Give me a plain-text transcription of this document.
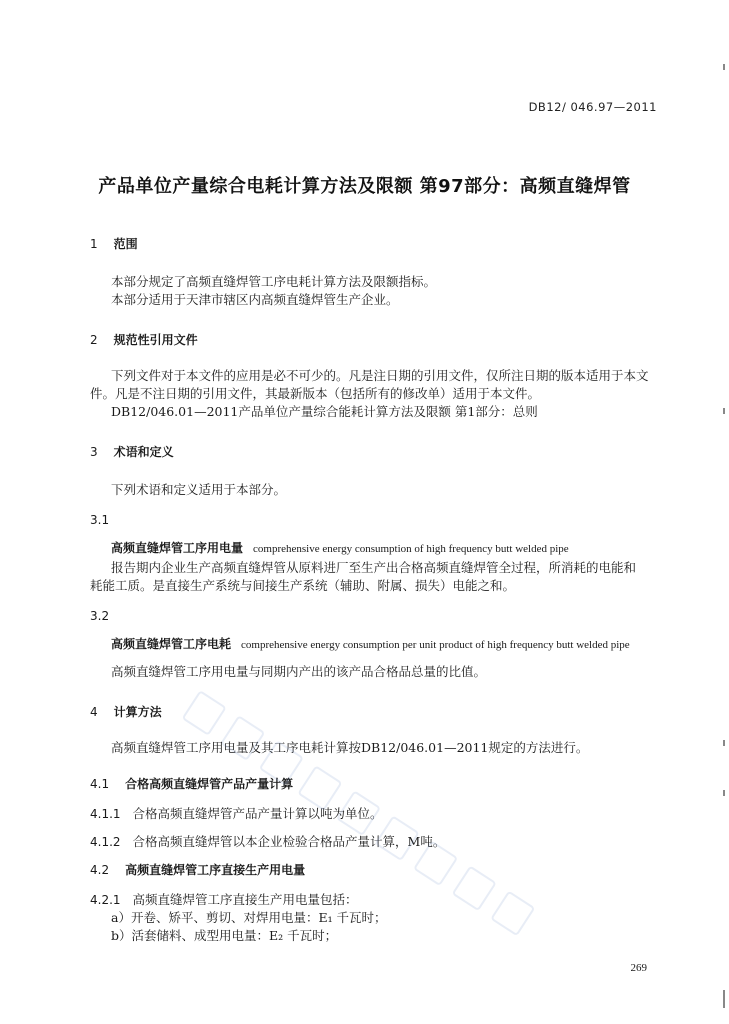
DB12/ 046.97—2011
产品单位产量综合电耗计算方法及限额 第97部分：高频直缝焊管
1 范围
本部分规定了高频直缝焊管工序电耗计算方法及限额指标。
本部分适用于天津市辖区内高频直缝焊管生产企业。
2 规范性引用文件
下列文件对于本文件的应用是必不可少的。凡是注日期的引用文件，仅所注日期的版本适用于本文
件。凡是不注日期的引用文件，其最新版本（包括所有的修改单）适用于本文件。
DB12/046.01—2011产品单位产量综合能耗计算方法及限额 第1部分：总则
3 术语和定义
下列术语和定义适用于本部分。
3.1
高频直缝焊管工序用电量 comprehensive energy consumption of high frequency butt welded pipe
报告期内企业生产高频直缝焊管从原料进厂至生产出合格高频直缝焊管全过程，所消耗的电能和
耗能工质。是直接生产系统与间接生产系统（辅助、附属、损失）电能之和。
3.2
高频直缝焊管工序电耗 comprehensive energy consumption per unit product of high frequency butt welded pipe
高频直缝焊管工序用电量与同期内产出的该产品合格品总量的比值。
4 计算方法
高频直缝焊管工序用电量及其工序电耗计算按DB12/046.01—2011规定的方法进行。
4.1 合格高频直缝焊管产品产量计算
4.1.1 合格高频直缝焊管产品产量计算以吨为单位。
4.1.2 合格高频直缝焊管以本企业检验合格品产量计算，M吨。
4.2 高频直缝焊管工序直接生产用电量
4.2.1 高频直缝焊管工序直接生产用电量包括：
a）开卷、矫平、剪切、对焊用电量：E₁ 千瓦时；
b）活套储料、成型用电量：E₂ 千瓦时；
269
